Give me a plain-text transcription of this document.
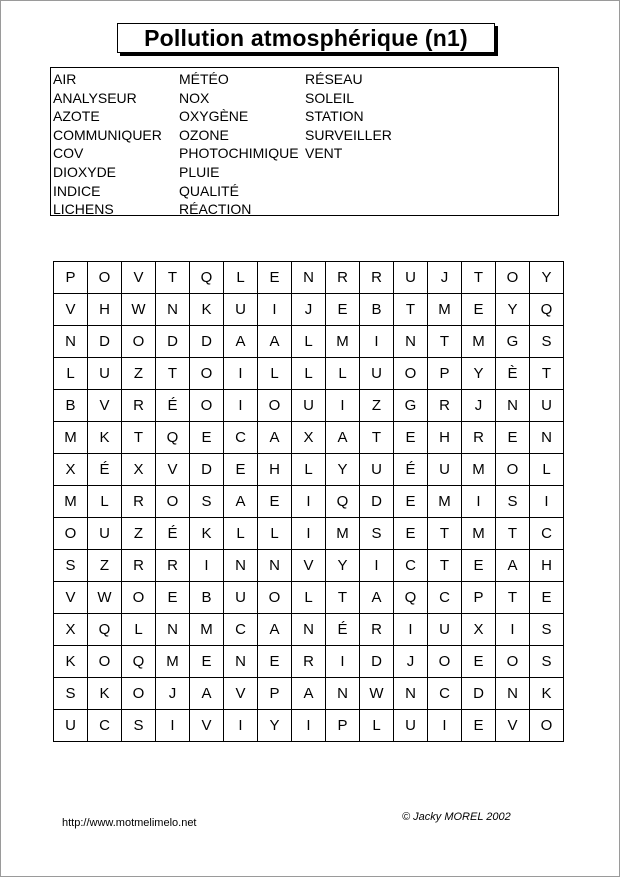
Pollution atmosphérique (n1)
AIR
ANALYSEUR
AZOTE
COMMUNIQUER
COV
DIOXYDE
INDICE
LICHENS
MÉTÉO
NOX
OXYGÈNE
OZONE
PHOTOCHIMIQUE
PLUIE
QUALITÉ
RÉACTION
RÉSEAU
SOLEIL
STATION
SURVEILLER
VENT
P	O	V	T	Q	L	E	N	R	R	U	J	T	O	Y
V	H	W	N	K	U	I	J	E	B	T	M	E	Y	Q
N	D	O	D	D	A	A	L	M	I	N	T	M	G	S
L	U	Z	T	O	I	L	L	L	U	O	P	Y	È	T
B	V	R	É	O	I	O	U	I	Z	G	R	J	N	U
M	K	T	Q	E	C	A	X	A	T	E	H	R	E	N
X	É	X	V	D	E	H	L	Y	U	É	U	M	O	L
M	L	R	O	S	A	E	I	Q	D	E	M	I	S	I
O	U	Z	É	K	L	L	I	M	S	E	T	M	T	C
S	Z	R	R	I	N	N	V	Y	I	C	T	E	A	H
V	W	O	E	B	U	O	L	T	A	Q	C	P	T	E
X	Q	L	N	M	C	A	N	É	R	I	U	X	I	S
K	O	Q	M	E	N	E	R	I	D	J	O	E	O	S
S	K	O	J	A	V	P	A	N	W	N	C	D	N	K
U	C	S	I	V	I	Y	I	P	L	U	I	E	V	O
http://www.motmelimelo.net	© Jacky MOREL 2002
